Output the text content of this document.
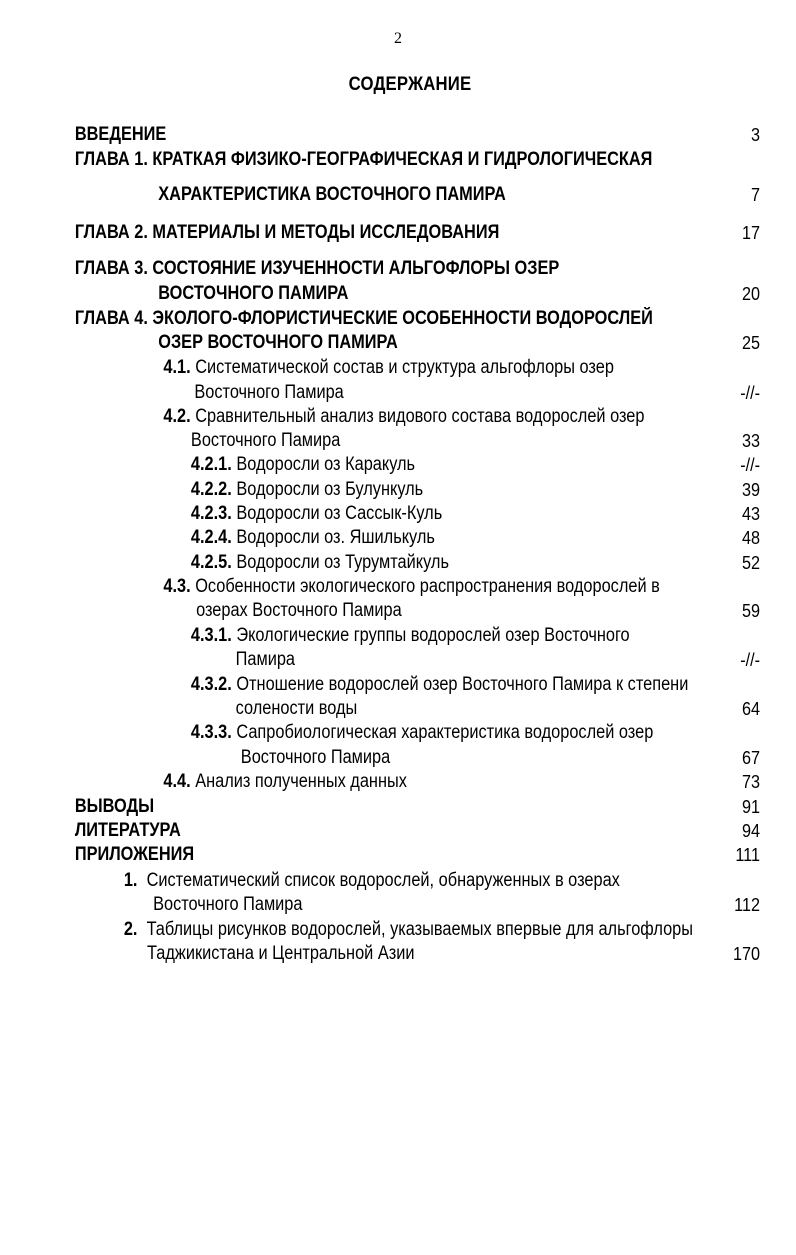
2
СОДЕРЖАНИЕ
ВВЕДЕНИЕ	3
ГЛАВА 1. КРАТКАЯ ФИЗИКО-ГЕОГРАФИЧЕСКАЯ И ГИДРОЛОГИЧЕСКАЯ
ХАРАКТЕРИСТИКА ВОСТОЧНОГО ПАМИРА	7
ГЛАВА 2. МАТЕРИАЛЫ И МЕТОДЫ ИССЛЕДОВАНИЯ	17
ГЛАВА 3. СОСТОЯНИЕ ИЗУЧЕННОСТИ АЛЬГОФЛОРЫ ОЗЕР
ВОСТОЧНОГО ПАМИРА	20
ГЛАВА 4. ЭКОЛОГО-ФЛОРИСТИЧЕСКИЕ ОСОБЕННОСТИ ВОДОРОСЛЕЙ
ОЗЕР ВОСТОЧНОГО ПАМИРА	25
4.1. Систематической состав и структура альгофлоры озер
Восточного Памира	-//-
4.2. Сравнительный анализ видового состава водорослей озер
Восточного Памира	33
4.2.1. Водоросли оз Каракуль	-//-
4.2.2. Водоросли оз Булункуль	39
4.2.3. Водоросли оз Сассык-Куль	43
4.2.4. Водоросли оз. Яшилькуль	48
4.2.5. Водоросли оз Турумтайкуль	52
4.3. Особенности экологического распространения водорослей в
озерах Восточного Памира	59
4.3.1. Экологические группы водорослей озер Восточного
Памира	-//-
4.3.2. Отношение водорослей озер Восточного Памира к степени
солености воды	64
4.3.3. Сапробиологическая характеристика водорослей озер
Восточного Памира	67
4.4. Анализ полученных данных	73
ВЫВОДЫ	91
ЛИТЕРАТУРА	94
ПРИЛОЖЕНИЯ	111
1. Систематический список водорослей, обнаруженных в озерах
Восточного Памира	112
2. Таблицы рисунков водорослей, указываемых впервые для альгофлоры
Таджикистана и Центральной Азии	170
